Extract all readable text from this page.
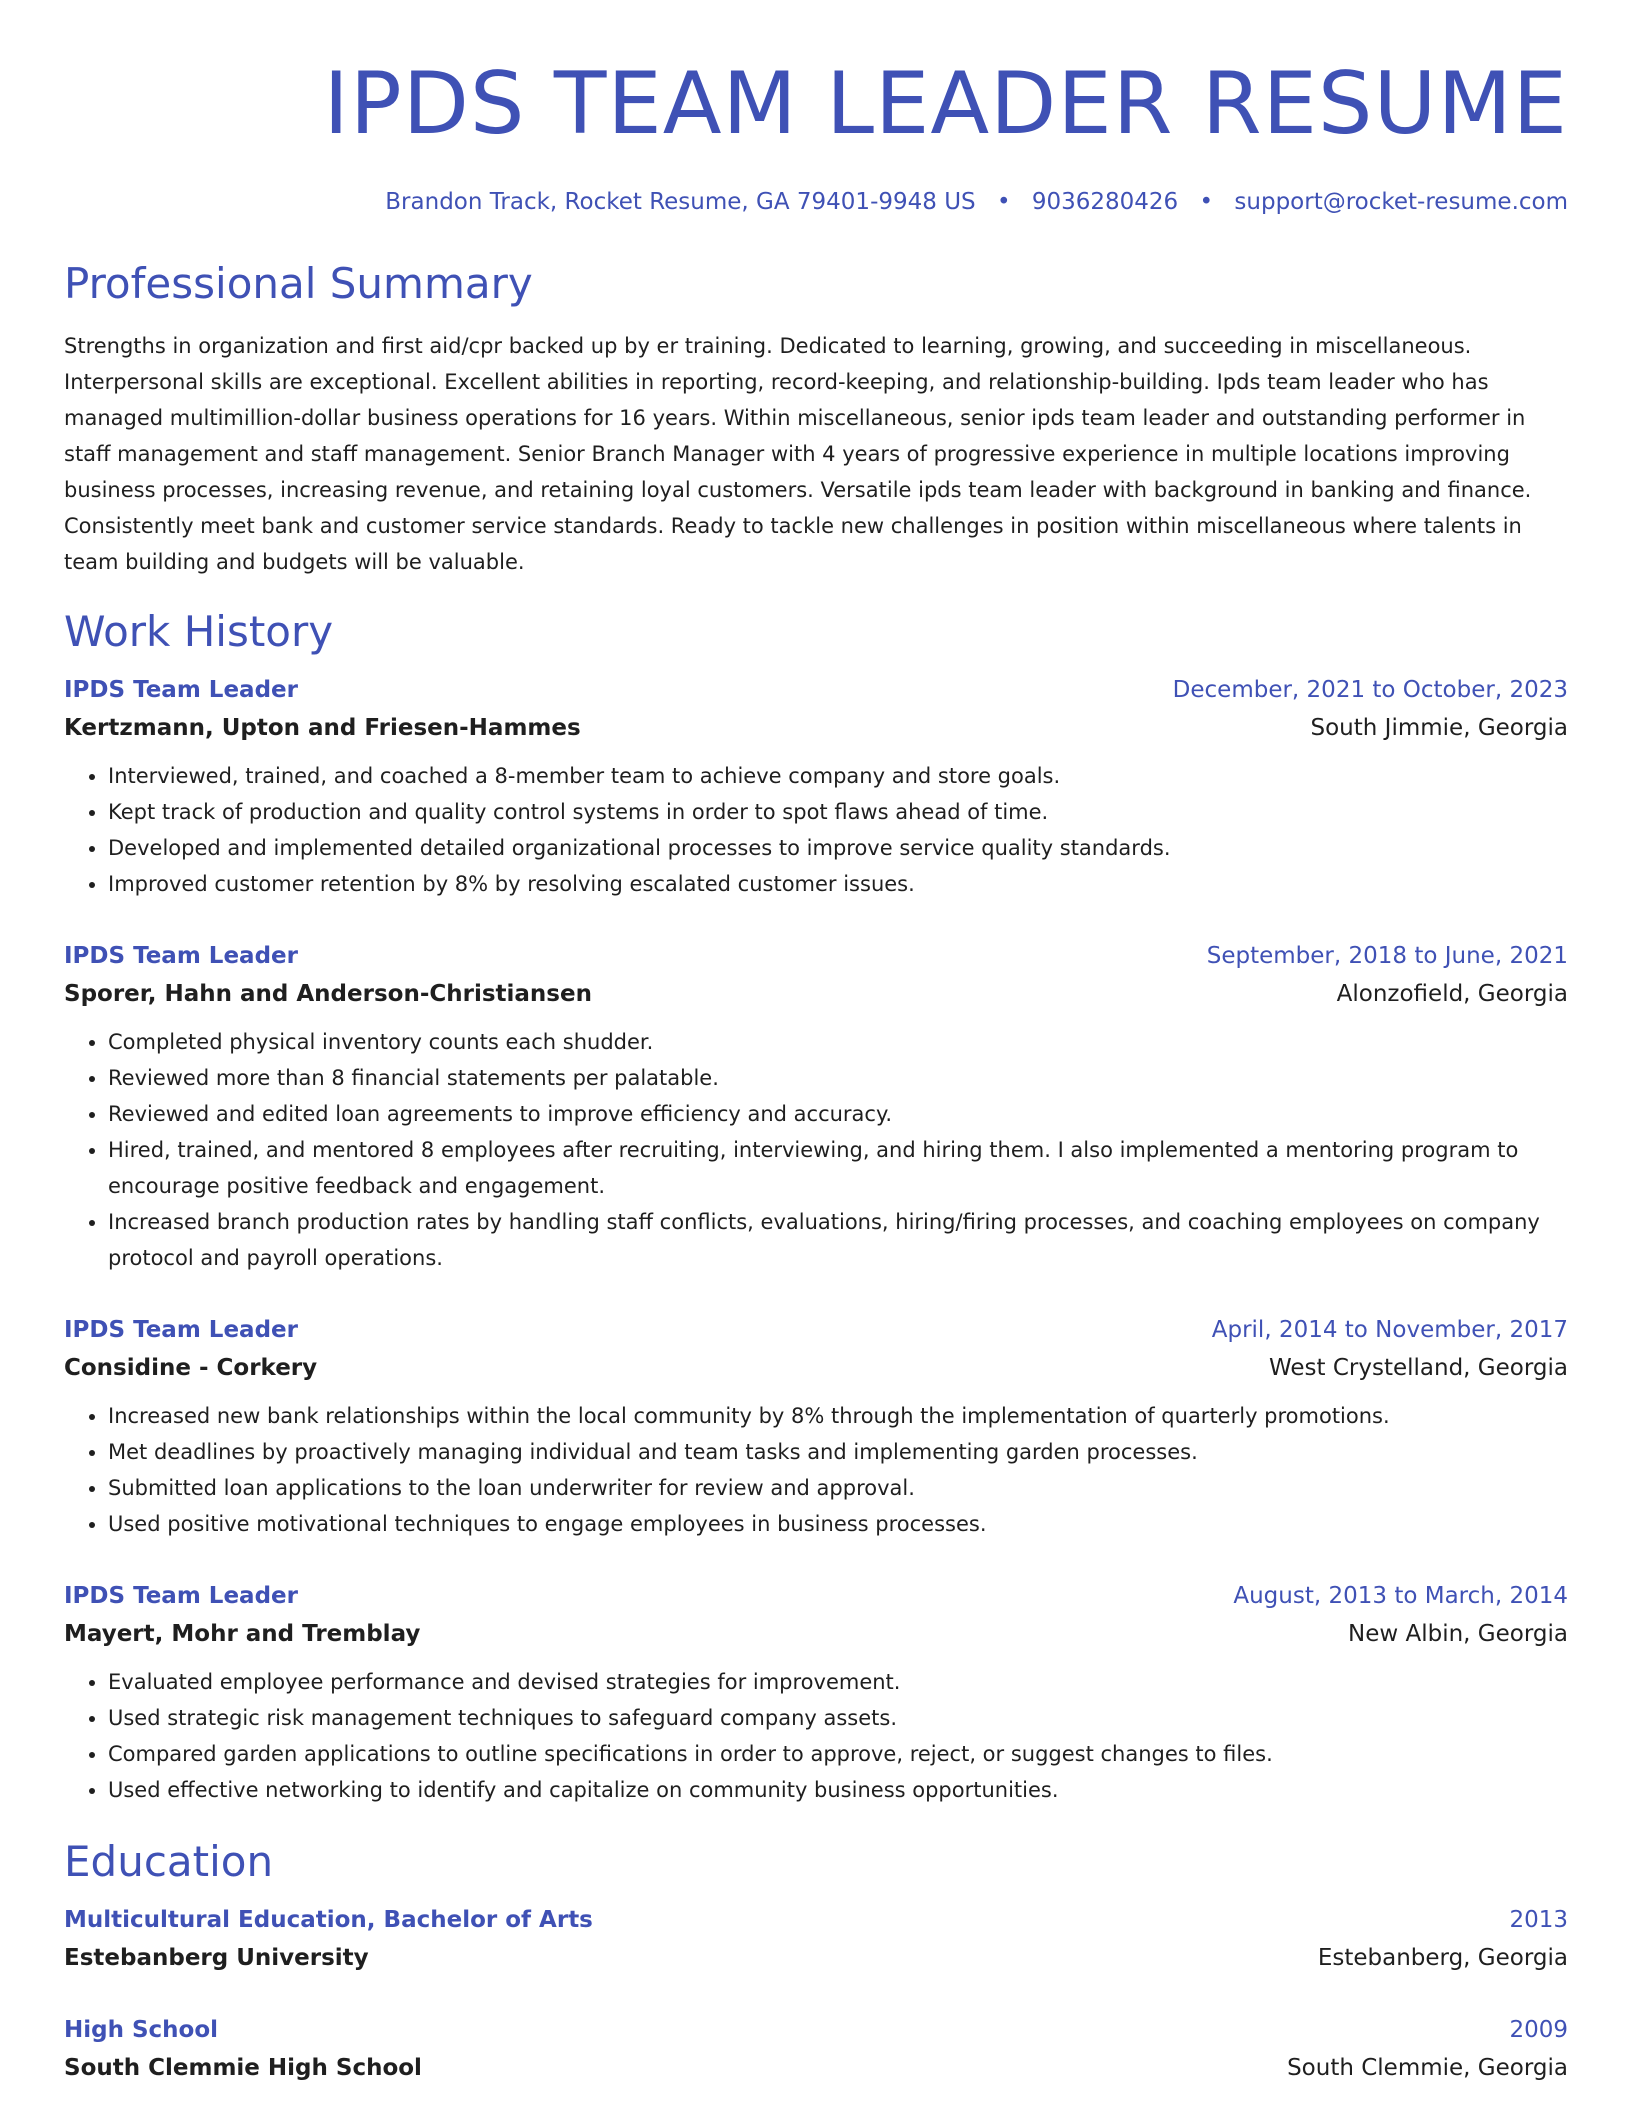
IPDS TEAM LEADER RESUME
Brandon Track, Rocket Resume, GA 79401-9948 US • 9036280426 • support@rocket-resume.com
Professional Summary
Strengths in organization and first aid/cpr backed up by er training. Dedicated to learning, growing, and succeeding in miscellaneous. Interpersonal skills are exceptional. Excellent abilities in reporting, record-keeping, and relationship-building. Ipds team leader who has managed multimillion-dollar business operations for 16 years. Within miscellaneous, senior ipds team leader and outstanding performer in staff management and staff management. Senior Branch Manager with 4 years of progressive experience in multiple locations improving business processes, increasing revenue, and retaining loyal customers. Versatile ipds team leader with background in banking and finance. Consistently meet bank and customer service standards. Ready to tackle new challenges in position within miscellaneous where talents in team building and budgets will be valuable.
Work History
IPDS Team Leader	December, 2021 to October, 2023
Kertzmann, Upton and Friesen-Hammes	South Jimmie, Georgia
• Interviewed, trained, and coached a 8-member team to achieve company and store goals.
• Kept track of production and quality control systems in order to spot flaws ahead of time.
• Developed and implemented detailed organizational processes to improve service quality standards.
• Improved customer retention by 8% by resolving escalated customer issues.
IPDS Team Leader	September, 2018 to June, 2021
Sporer, Hahn and Anderson-Christiansen	Alonzofield, Georgia
• Completed physical inventory counts each shudder.
• Reviewed more than 8 financial statements per palatable.
• Reviewed and edited loan agreements to improve efficiency and accuracy.
• Hired, trained, and mentored 8 employees after recruiting, interviewing, and hiring them. I also implemented a mentoring program to encourage positive feedback and engagement.
• Increased branch production rates by handling staff conflicts, evaluations, hiring/firing processes, and coaching employees on company protocol and payroll operations.
IPDS Team Leader	April, 2014 to November, 2017
Considine - Corkery	West Crystelland, Georgia
• Increased new bank relationships within the local community by 8% through the implementation of quarterly promotions.
• Met deadlines by proactively managing individual and team tasks and implementing garden processes.
• Submitted loan applications to the loan underwriter for review and approval.
• Used positive motivational techniques to engage employees in business processes.
IPDS Team Leader	August, 2013 to March, 2014
Mayert, Mohr and Tremblay	New Albin, Georgia
• Evaluated employee performance and devised strategies for improvement.
• Used strategic risk management techniques to safeguard company assets.
• Compared garden applications to outline specifications in order to approve, reject, or suggest changes to files.
• Used effective networking to identify and capitalize on community business opportunities.
Education
Multicultural Education, Bachelor of Arts	2013
Estebanberg University	Estebanberg, Georgia
High School	2009
South Clemmie High School	South Clemmie, Georgia
